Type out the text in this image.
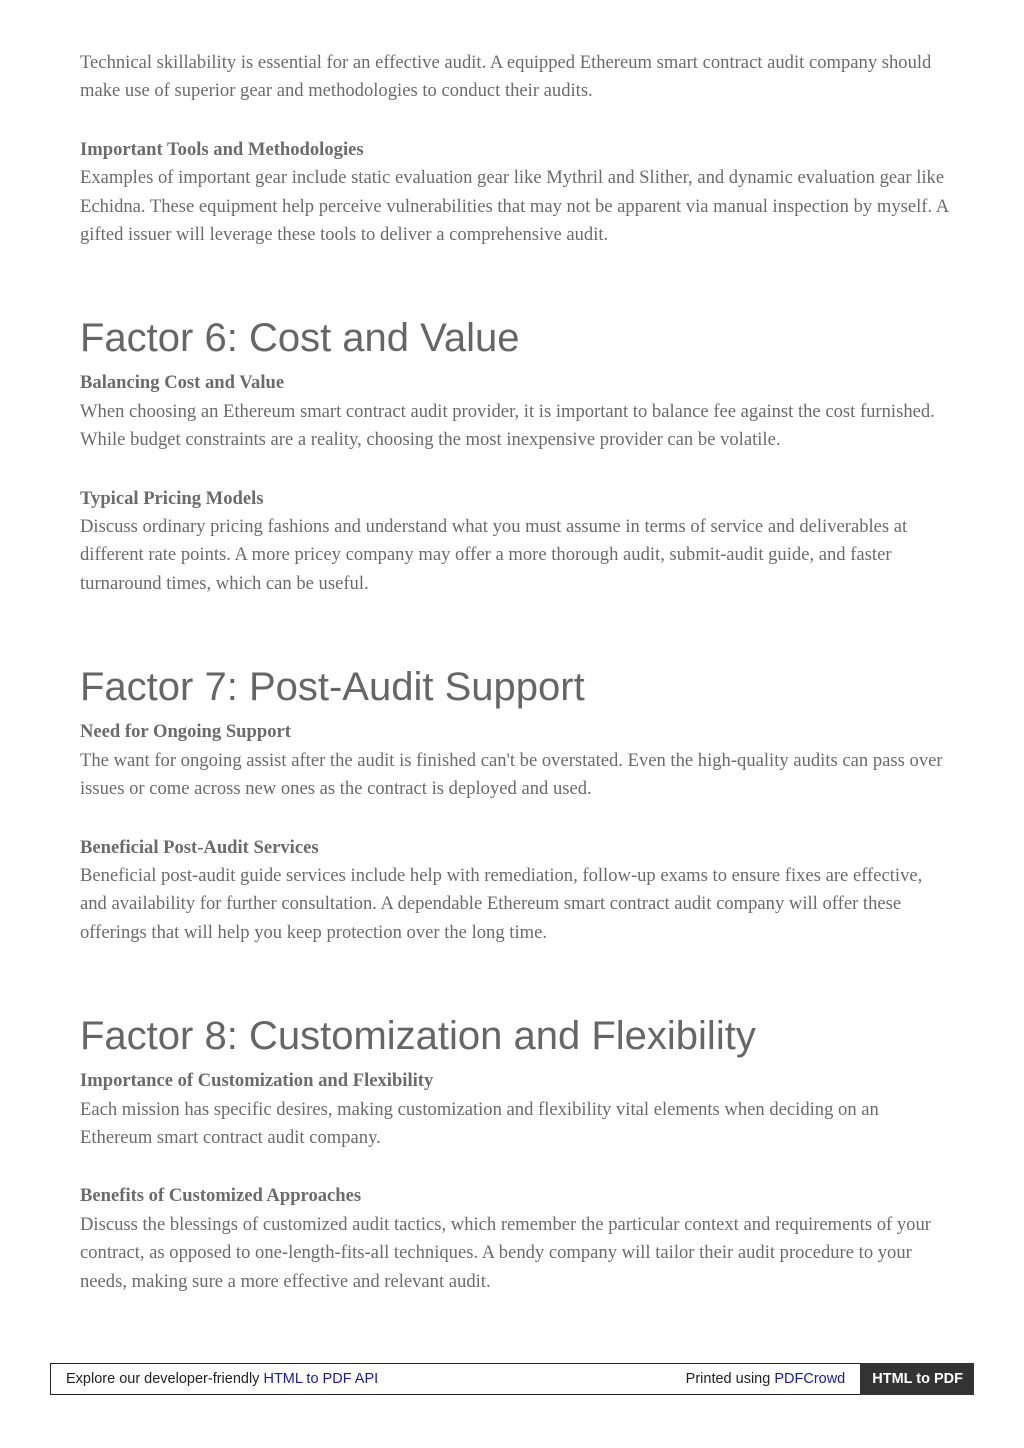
Technical skillability is essential for an effective audit. A equipped Ethereum smart contract audit company should make use of superior gear and methodologies to conduct their audits.

Important Tools and Methodologies

Examples of important gear include static evaluation gear like Mythril and Slither, and dynamic evaluation gear like Echidna. These equipment help perceive vulnerabilities that may not be apparent via manual inspection by myself. A gifted issuer will leverage these tools to deliver a comprehensive audit.

Factor 6: Cost and Value

Balancing Cost and Value

When choosing an Ethereum smart contract audit provider, it is important to balance fee against the cost furnished. While budget constraints are a reality, choosing the most inexpensive provider can be volatile.

Typical Pricing Models

Discuss ordinary pricing fashions and understand what you must assume in terms of service and deliverables at different rate points. A more pricey company may offer a more thorough audit, submit-audit guide, and faster turnaround times, which can be useful.

Factor 7: Post-Audit Support

Need for Ongoing Support

The want for ongoing assist after the audit is finished can't be overstated. Even the high-quality audits can pass over issues or come across new ones as the contract is deployed and used.

Beneficial Post-Audit Services

Beneficial post-audit guide services include help with remediation, follow-up exams to ensure fixes are effective, and availability for further consultation. A dependable Ethereum smart contract audit company will offer these offerings that will help you keep protection over the long time.

Factor 8: Customization and Flexibility

Importance of Customization and Flexibility

Each mission has specific desires, making customization and flexibility vital elements when deciding on an Ethereum smart contract audit company.

Benefits of Customized Approaches

Discuss the blessings of customized audit tactics, which remember the particular context and requirements of your contract, as opposed to one-length-fits-all techniques. A bendy company will tailor their audit procedure to your needs, making sure a more effective and relevant audit.

Explore our developer-friendly HTML to PDF API	Printed using PDFCrowd	HTML to PDF
